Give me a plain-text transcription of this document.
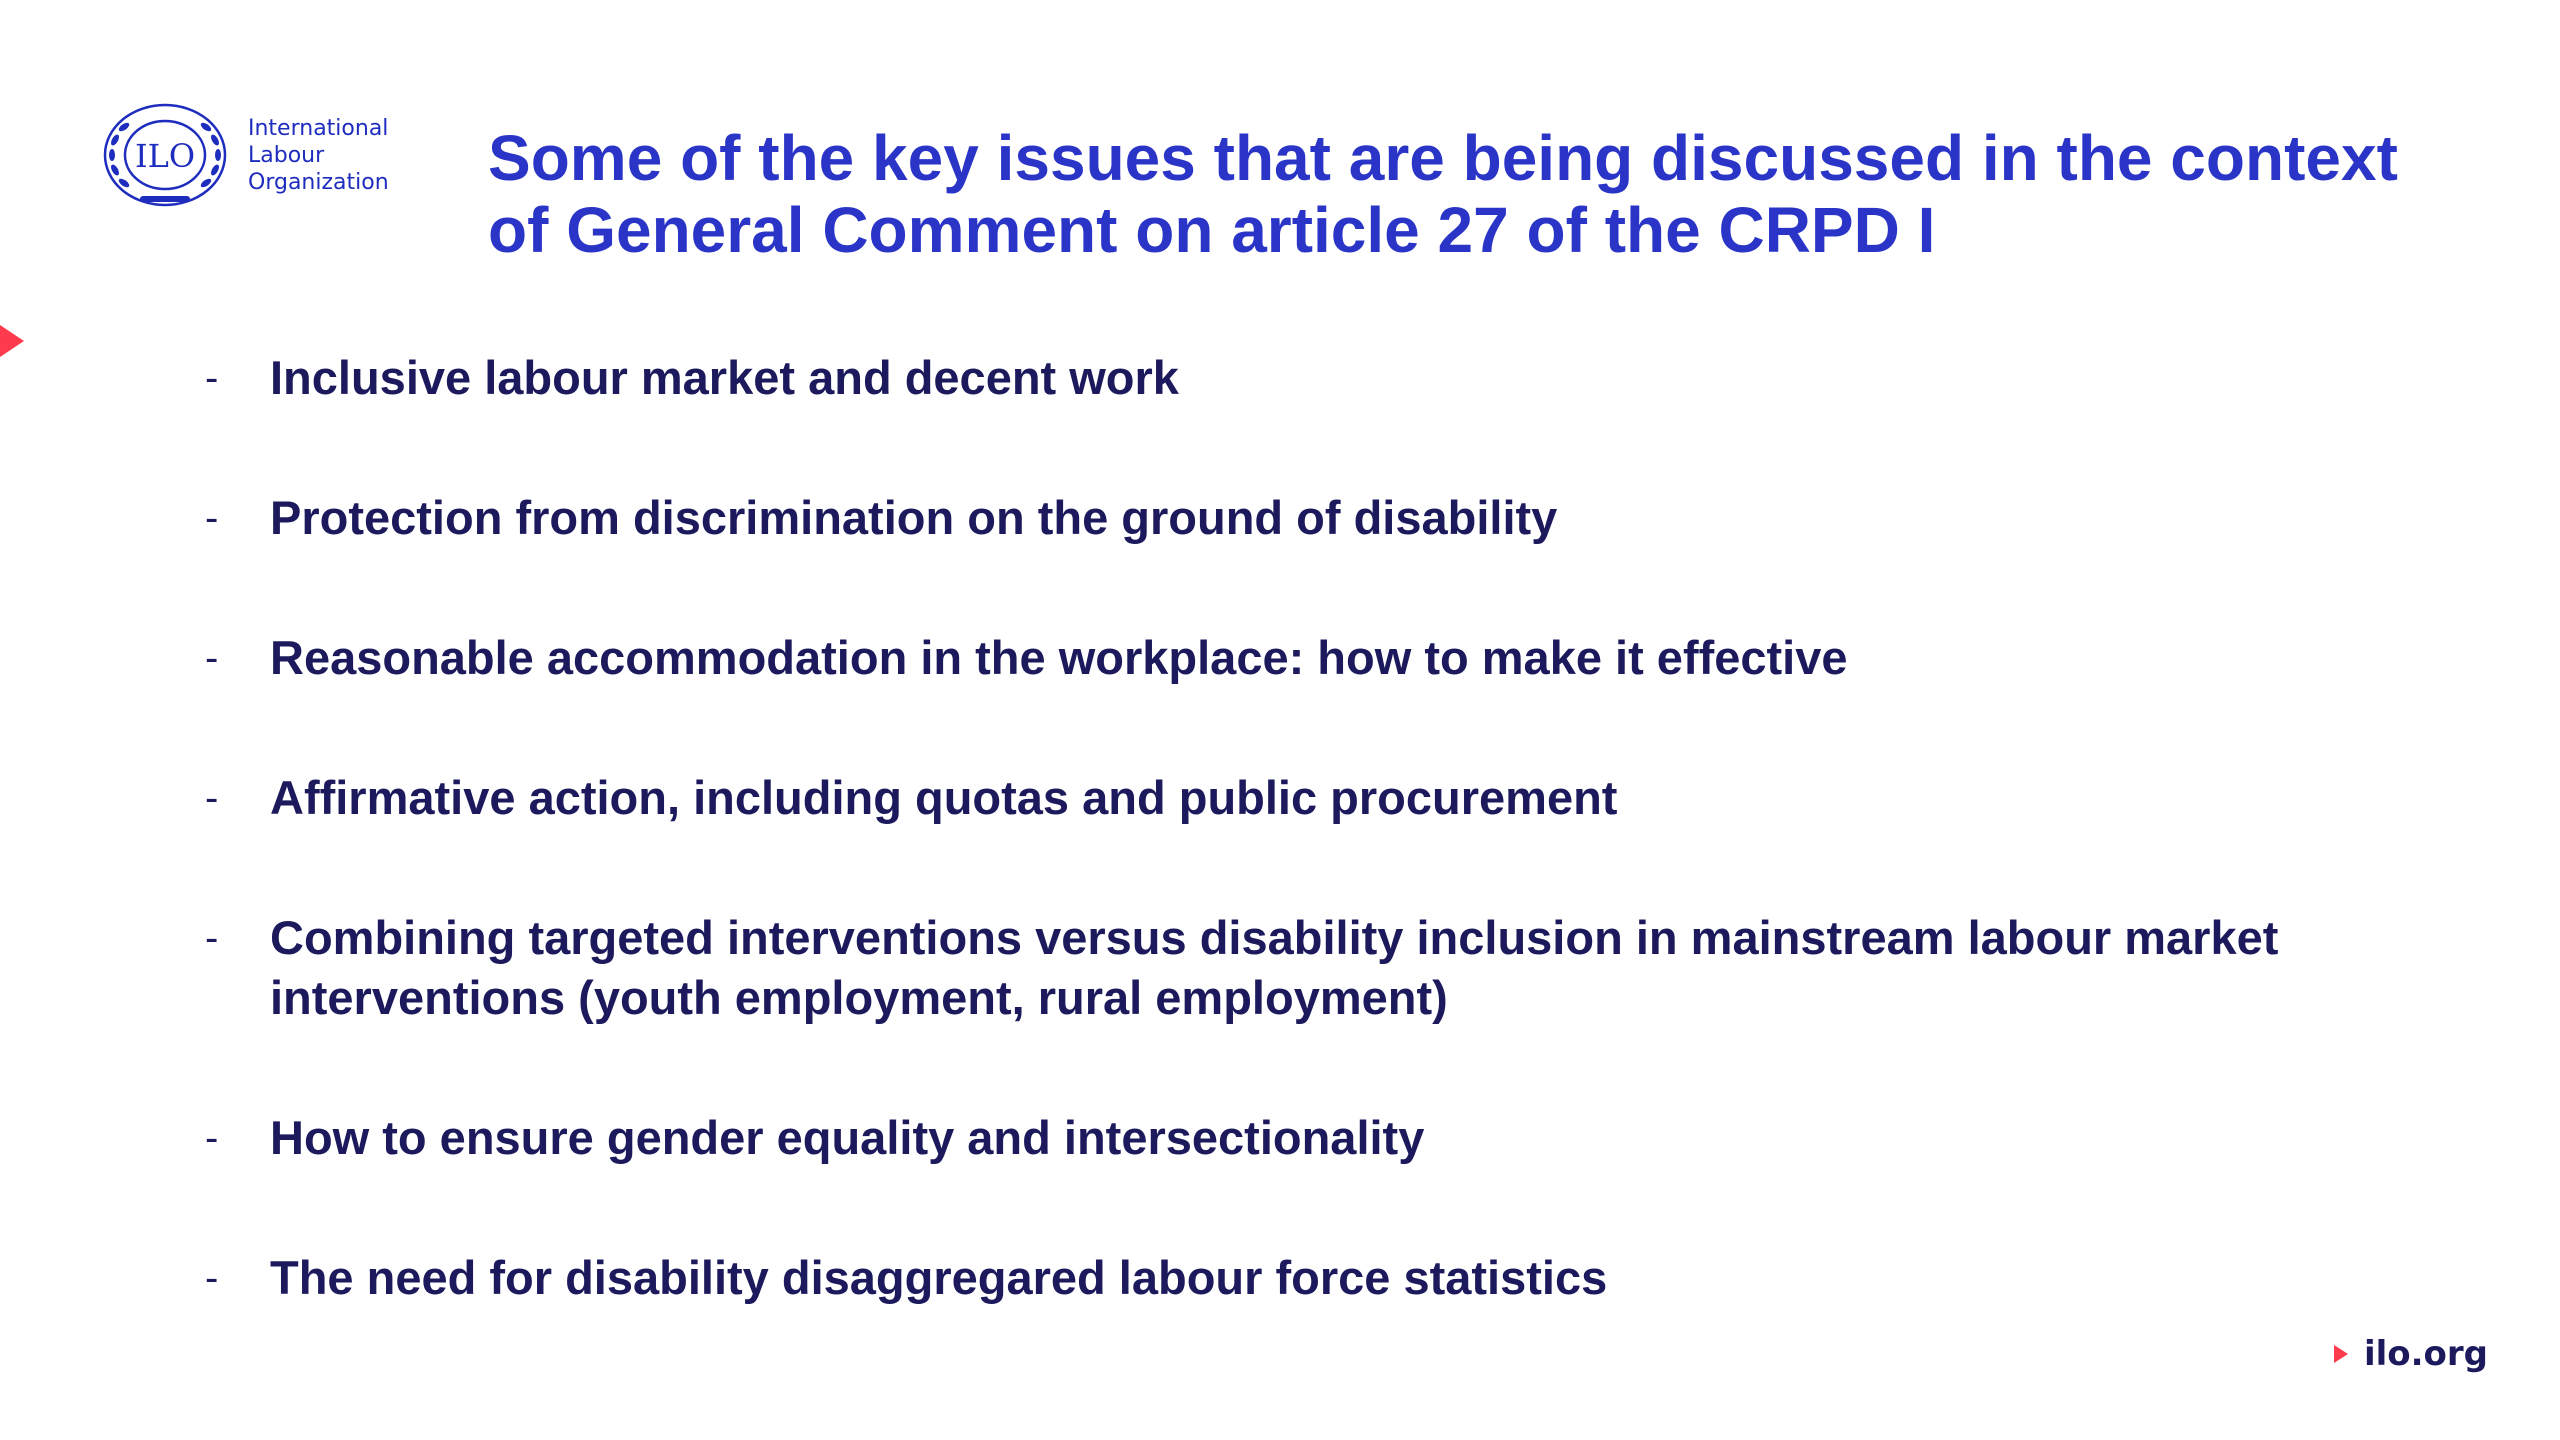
ILO
International
Labour
Organization Some of the key issues that are being discussed in the context of General Comment on article 27 of the CRPD I
-	Inclusive labour market and decent work
-	Protection from discrimination on the ground of disability
-	Reasonable accommodation in the workplace: how to make it effective
-	Affirmative action, including quotas and public procurement
-	Combining targeted interventions versus disability inclusion in mainstream labour market interventions (youth employment, rural employment)
-	How to ensure gender equality and intersectionality
-	The need for disability disaggregared labour force statistics
ilo.org
